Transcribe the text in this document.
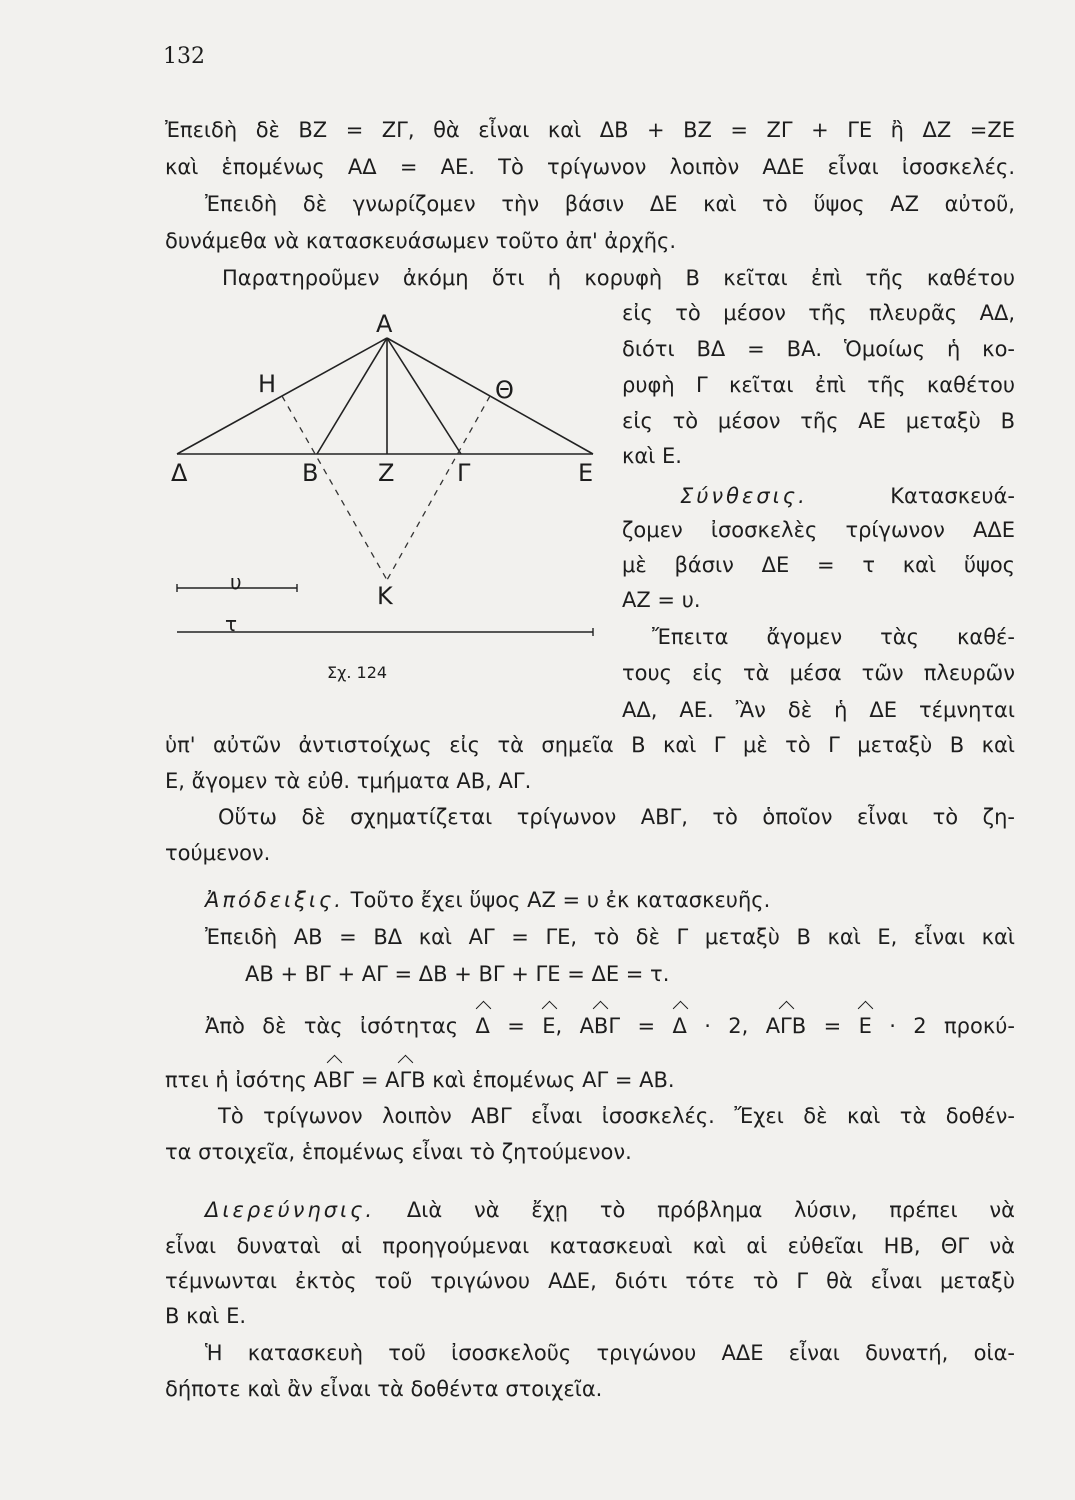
132
Ἐπειδὴ δὲ ΒΖ = ΖΓ, θὰ εἶναι καὶ ΔΒ + ΒΖ = ΖΓ + ΓΕ ἢ ΔΖ =ΖΕ
καὶ ἑπομένως ΑΔ = ΑΕ. Τὸ τρίγωνον λοιπὸν ΑΔΕ εἶναι ἰσοσκελές.
Ἐπειδὴ δὲ γνωρίζομεν τὴν βάσιν ΔΕ καὶ τὸ ὕψος ΑΖ αὐτοῦ,
δυνάμεθα νὰ κατασκευάσωμεν τοῦτο ἀπ' ἀρχῆς.
Παρατηροῦμεν ἀκόμη ὅτι ἡ κορυφὴ Β κεῖται ἐπὶ τῆς καθέτου
εἰς τὸ μέσον τῆς πλευρᾶς ΑΔ,
διότι ΒΔ = ΒΑ. Ὁμοίως ἡ κο-
ρυφὴ Γ κεῖται ἐπὶ τῆς καθέτου
εἰς τὸ μέσον τῆς ΑΕ μεταξὺ Β
καὶ Ε.
Σύνθεσις.	Κατασκευά-
ζομεν ἰσοσκελὲς τρίγωνον ΑΔΕ
μὲ βάσιν ΔΕ = τ καὶ ὕψος
ΑΖ = υ.
Ἔπειτα ἄγομεν τὰς καθέ-
τους εἰς τὰ μέσα τῶν πλευρῶν
ΑΔ, ΑΕ. Ἂν δὲ ἡ ΔΕ τέμνηται
Α
Η	Θ
Δ	Β Ζ	Γ	Ε
Κ
υ
τ
Σχ. 124
ὑπ' αὐτῶν ἀντιστοίχως εἰς τὰ σημεῖα Β καὶ Γ μὲ τὸ Γ μεταξὺ Β καὶ
Ε, ἄγομεν τὰ εὐθ. τμήματα ΑΒ, ΑΓ.
Οὕτω δὲ σχηματίζεται τρίγωνον ΑΒΓ, τὸ ὁποῖον εἶναι τὸ ζη-
τούμενον.
Ἀπόδειξις. Τοῦτο ἔχει ὕψος ΑΖ = υ ἐκ κατασκευῆς.
Ἐπειδὴ ΑΒ = ΒΔ καὶ ΑΓ = ΓΕ, τὸ δὲ Γ μεταξὺ Β καὶ Ε, εἶναι καὶ
ΑΒ + ΒΓ + ΑΓ = ΔΒ + ΒΓ + ΓΕ = ΔΕ = τ.
Ἀπὸ δὲ τὰς ἰσότητας Δ = Ε, ΑΒΓ = Δ · 2, ΑΓΒ = Ε · 2 προκύ-
πτει ἡ ἰσότης ΑΒΓ = ΑΓΒ καὶ ἑπομένως ΑΓ = ΑΒ.
Τὸ τρίγωνον λοιπὸν ΑΒΓ εἶναι ἰσοσκελές. Ἔχει δὲ καὶ τὰ δοθέν-
τα στοιχεῖα, ἑπομένως εἶναι τὸ ζητούμενον.
Διερεύνησις. Διὰ νὰ ἔχῃ τὸ πρόβλημα λύσιν, πρέπει νὰ
εἶναι δυναταὶ αἱ προηγούμεναι κατασκευαὶ καὶ αἱ εὐθεῖαι ΗΒ, ΘΓ νὰ
τέμνωνται ἐκτὸς τοῦ τριγώνου ΑΔΕ, διότι τότε τὸ Γ θὰ εἶναι μεταξὺ
Β καὶ Ε.
Ἡ κατασκευὴ τοῦ ἰσοσκελοῦς τριγώνου ΑΔΕ εἶναι δυνατή, οἱα-
δήποτε καὶ ἂν εἶναι τὰ δοθέντα στοιχεῖα.
